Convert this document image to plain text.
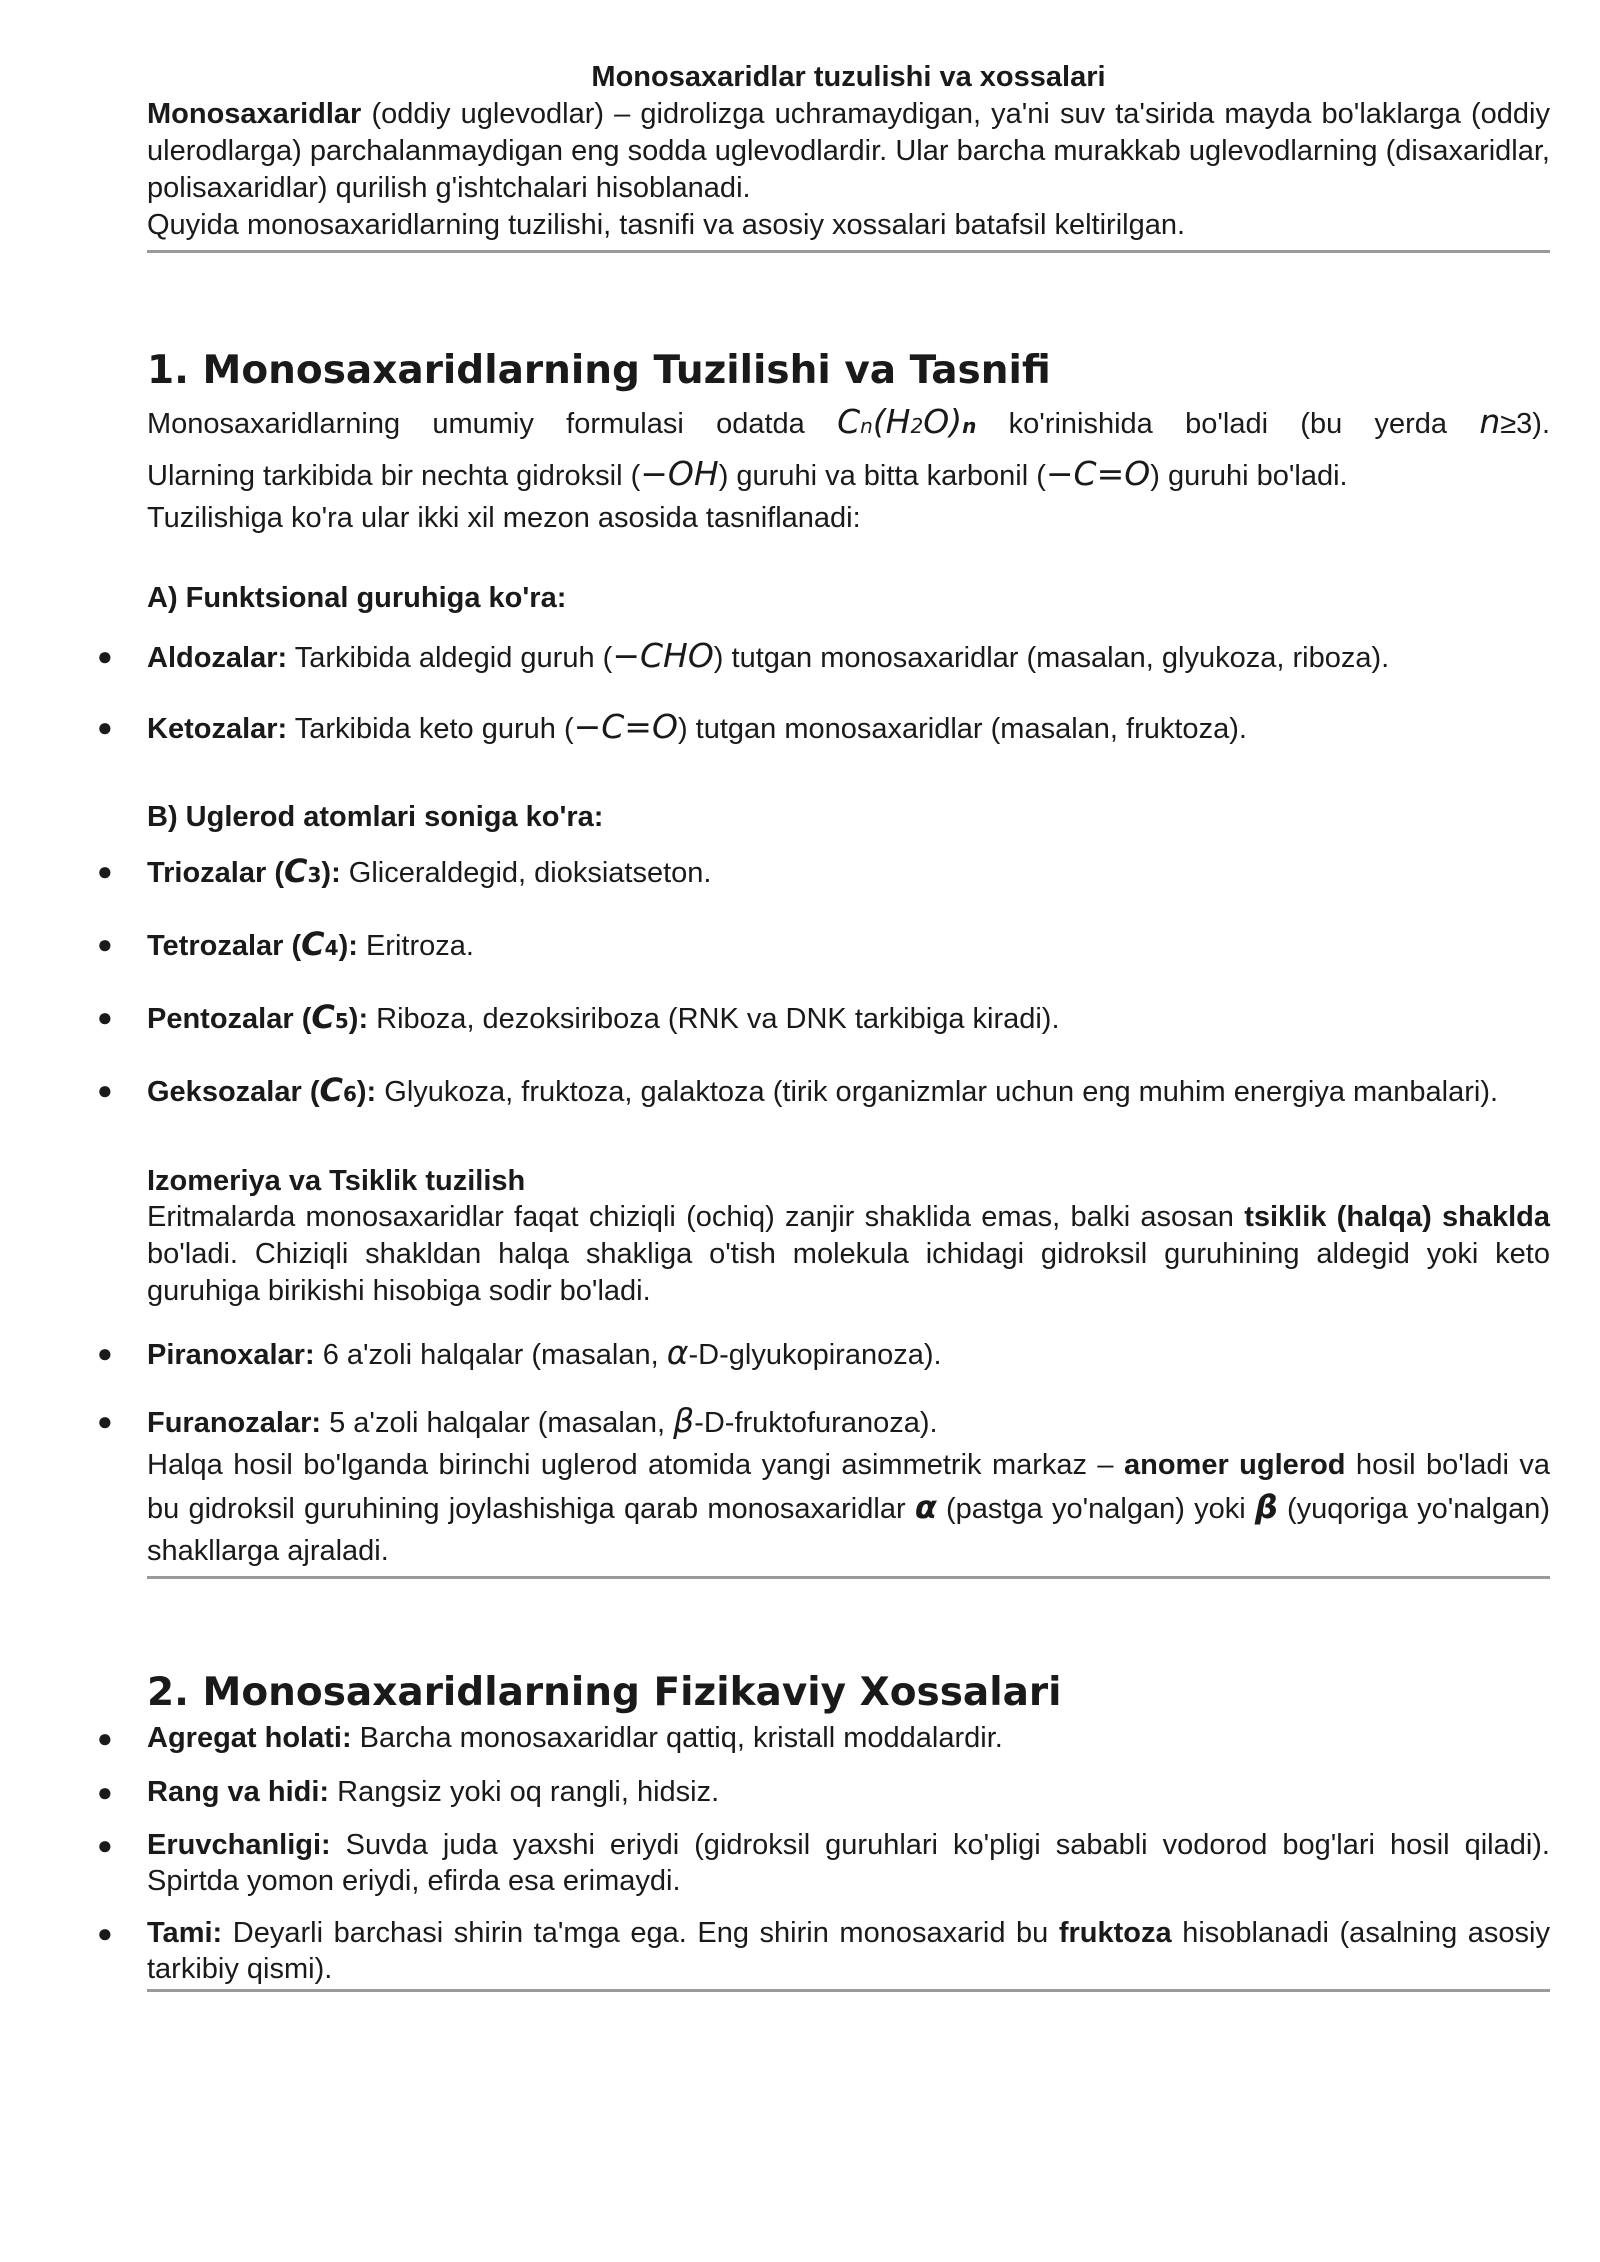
Monosaxaridlar tuzulishi va xossalari

Monosaxaridlar (oddiy uglevodlar) – gidrolizga uchramaydigan, ya'ni suv ta'sirida mayda bo'laklarga (oddiy ulerodlarga) parchalanmaydigan eng sodda uglevodlardir. Ular barcha murakkab uglevodlarning (disaxaridlar, polisaxaridlar) qurilish g'ishtchalari hisoblanadi.

Quyida monosaxaridlarning tuzilishi, tasnifi va asosiy xossalari batafsil keltirilgan.

1. Monosaxaridlarning Tuzilishi va Tasnifi

Monosaxaridlarning umumiy formulasi odatda Cn(H2O)n ko'rinishida bo'ladi (bu yerda n≥3).

Ularning tarkibida bir nechta gidroksil (−OH) guruhi va bitta karbonil (−C=O) guruhi bo'ladi.

Tuzilishiga ko'ra ular ikki xil mezon asosida tasniflanadi:

A) Funktsional guruhiga ko'ra:
● Aldozalar: Tarkibida aldegid guruh (−CHO) tutgan monosaxaridlar (masalan, glyukoza, riboza).
● Ketozalar: Tarkibida keto guruh (−C=O) tutgan monosaxaridlar (masalan, fruktoza).
B) Uglerod atomlari soniga ko'ra:
● Triozalar (C3): Gliceraldegid, dioksiatseton.
● Tetrozalar (C4): Eritroza.
● Pentozalar (C5): Riboza, dezoksiriboza (RNK va DNK tarkibiga kiradi).
● Geksozalar (C6): Glyukoza, fruktoza, galaktoza (tirik organizmlar uchun eng muhim energiya manbalari).
Izomeriya va Tsiklik tuzilish

Eritmalarda monosaxaridlar faqat chiziqli (ochiq) zanjir shaklida emas, balki asosan tsiklik (halqa) shaklda bo'ladi. Chiziqli shakldan halqa shakliga o'tish molekula ichidagi gidroksil guruhining aldegid yoki keto guruhiga birikishi hisobiga sodir bo'ladi.

● Piranoxalar: 6 a'zoli halqalar (masalan, α-D-glyukopiranoza).
● Furanozalar: 5 a'zoli halqalar (masalan, β-D-fruktofuranoza).

Halqa hosil bo'lganda birinchi uglerod atomida yangi asimmetrik markaz – anomer uglerod hosil bo'ladi va bu gidroksil guruhining joylashishiga qarab monosaxaridlar α (pastga yo'nalgan) yoki β (yuqoriga yo'nalgan) shakllarga ajraladi.

2. Monosaxaridlarning Fizikaviy Xossalari
● Agregat holati: Barcha monosaxaridlar qattiq, kristall moddalardir.
● Rang va hidi: Rangsiz yoki oq rangli, hidsiz.
● Eruvchanligi: Suvda juda yaxshi eriydi (gidroksil guruhlari ko'pligi sababli vodorod bog'lari hosil qiladi). Spirtda yomon eriydi, efirda esa erimaydi.
● Tami: Deyarli barchasi shirin ta'mga ega. Eng shirin monosaxarid bu fruktoza hisoblanadi (asalning asosiy tarkibiy qismi).
